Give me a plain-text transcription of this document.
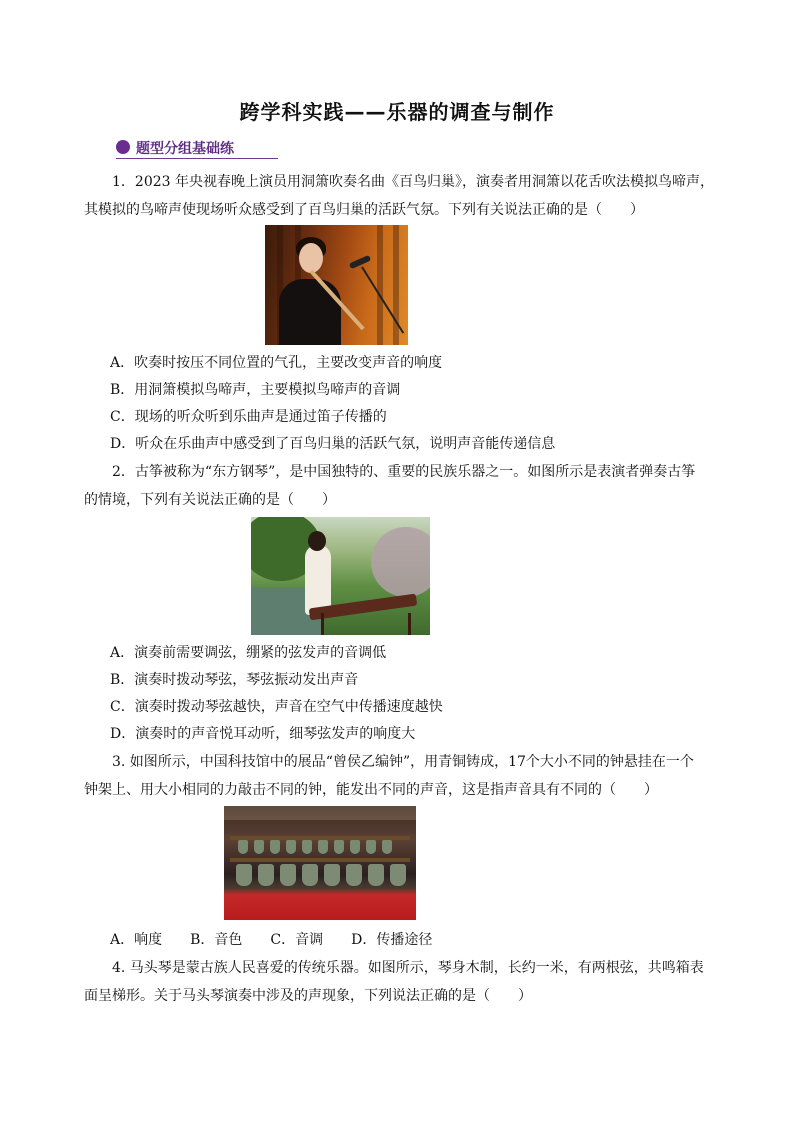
跨学科实践——乐器的调查与制作
题型分组基础练
1．2023 年央视春晚上演员用洞箫吹奏名曲《百鸟归巢》，演奏者用洞箫以花舌吹法模拟鸟啼声，
其模拟的鸟啼声使现场听众感受到了百鸟归巢的活跃气氛。下列有关说法正确的是（　　）
A．吹奏时按压不同位置的气孔，主要改变声音的响度
B．用洞箫模拟鸟啼声，主要模拟鸟啼声的音调
C．现场的听众听到乐曲声是通过笛子传播的
D．听众在乐曲声中感受到了百鸟归巢的活跃气氛，说明声音能传递信息
2．古筝被称为“东方钢琴”，是中国独特的、重要的民族乐器之一。如图所示是表演者弹奏古筝
的情境，下列有关说法正确的是（　　）
A．演奏前需要调弦，绷紧的弦发声的音调低
B．演奏时拨动琴弦，琴弦振动发出声音
C．演奏时拨动琴弦越快，声音在空气中传播速度越快
D．演奏时的声音悦耳动听，细琴弦发声的响度大
3. 如图所示，中国科技馆中的展品“曾侯乙编钟”，用青铜铸成，17个大小不同的钟悬挂在一个
钟架上、用大小相同的力敲击不同的钟，能发出不同的声音，这是指声音具有不同的（　　）
A．响度　　B．音色　　C．音调　　D．传播途径
4. 马头琴是蒙古族人民喜爱的传统乐器。如图所示，琴身木制，长约一米，有两根弦，共鸣箱表
面呈梯形。关于马头琴演奏中涉及的声现象，下列说法正确的是（　　）
